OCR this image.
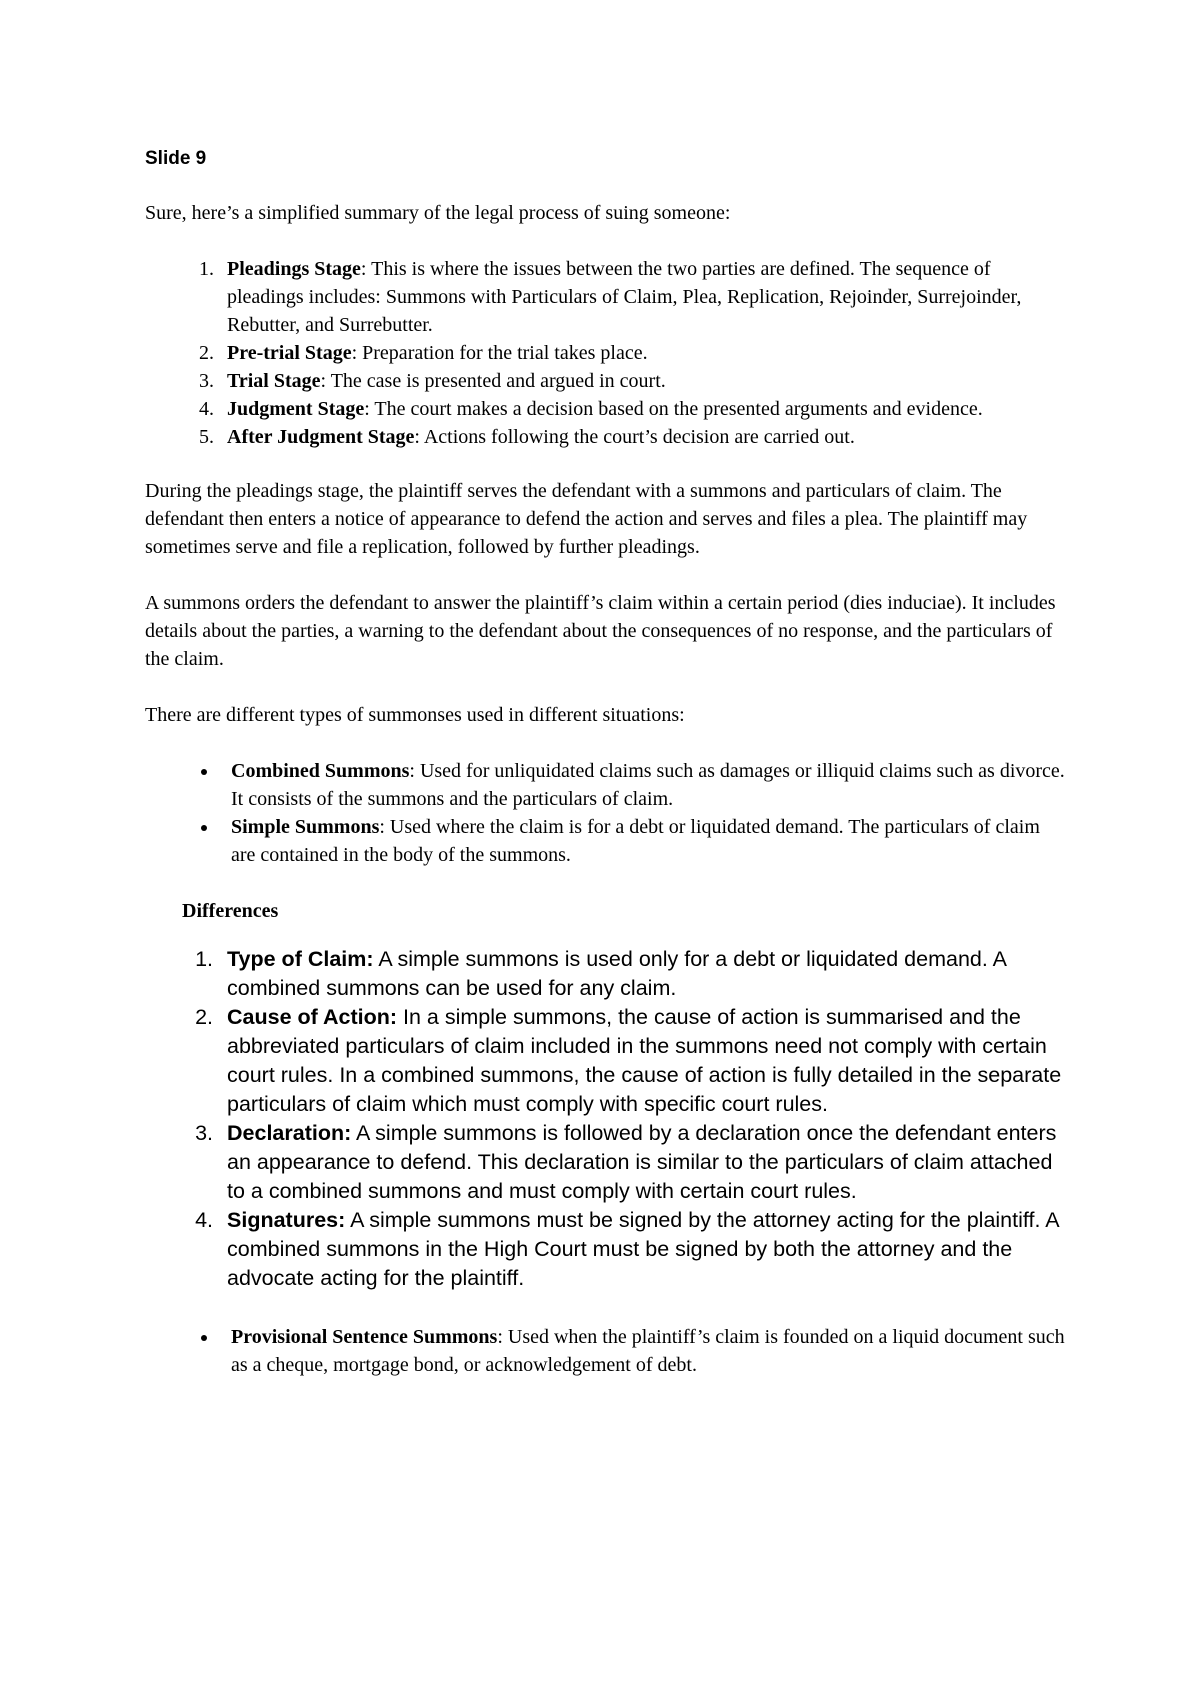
Slide 9

Sure, here’s a simplified summary of the legal process of suing someone:

1. Pleadings Stage: This is where the issues between the two parties are defined. The sequence of pleadings includes: Summons with Particulars of Claim, Plea, Replication, Rejoinder, Surrejoinder, Rebutter, and Surrebutter.
2. Pre-trial Stage: Preparation for the trial takes place.
3. Trial Stage: The case is presented and argued in court.
4. Judgment Stage: The court makes a decision based on the presented arguments and evidence.
5. After Judgment Stage: Actions following the court’s decision are carried out.

During the pleadings stage, the plaintiff serves the defendant with a summons and particulars of claim. The defendant then enters a notice of appearance to defend the action and serves and files a plea. The plaintiff may sometimes serve and file a replication, followed by further pleadings.

A summons orders the defendant to answer the plaintiff’s claim within a certain period (dies induciae). It includes details about the parties, a warning to the defendant about the consequences of no response, and the particulars of the claim.

There are different types of summonses used in different situations:

• Combined Summons: Used for unliquidated claims such as damages or illiquid claims such as divorce. It consists of the summons and the particulars of claim.
• Simple Summons: Used where the claim is for a debt or liquidated demand. The particulars of claim are contained in the body of the summons.
Differences
1. Type of Claim: A simple summons is used only for a debt or liquidated demand. A combined summons can be used for any claim.
2. Cause of Action: In a simple summons, the cause of action is summarised and the abbreviated particulars of claim included in the summons need not comply with certain court rules. In a combined summons, the cause of action is fully detailed in the separate particulars of claim which must comply with specific court rules.
3. Declaration: A simple summons is followed by a declaration once the defendant enters an appearance to defend. This declaration is similar to the particulars of claim attached to a combined summons and must comply with certain court rules.
4. Signatures: A simple summons must be signed by the attorney acting for the plaintiff. A combined summons in the High Court must be signed by both the attorney and the advocate acting for the plaintiff.
• Provisional Sentence Summons: Used when the plaintiff’s claim is founded on a liquid document such as a cheque, mortgage bond, or acknowledgement of debt.
